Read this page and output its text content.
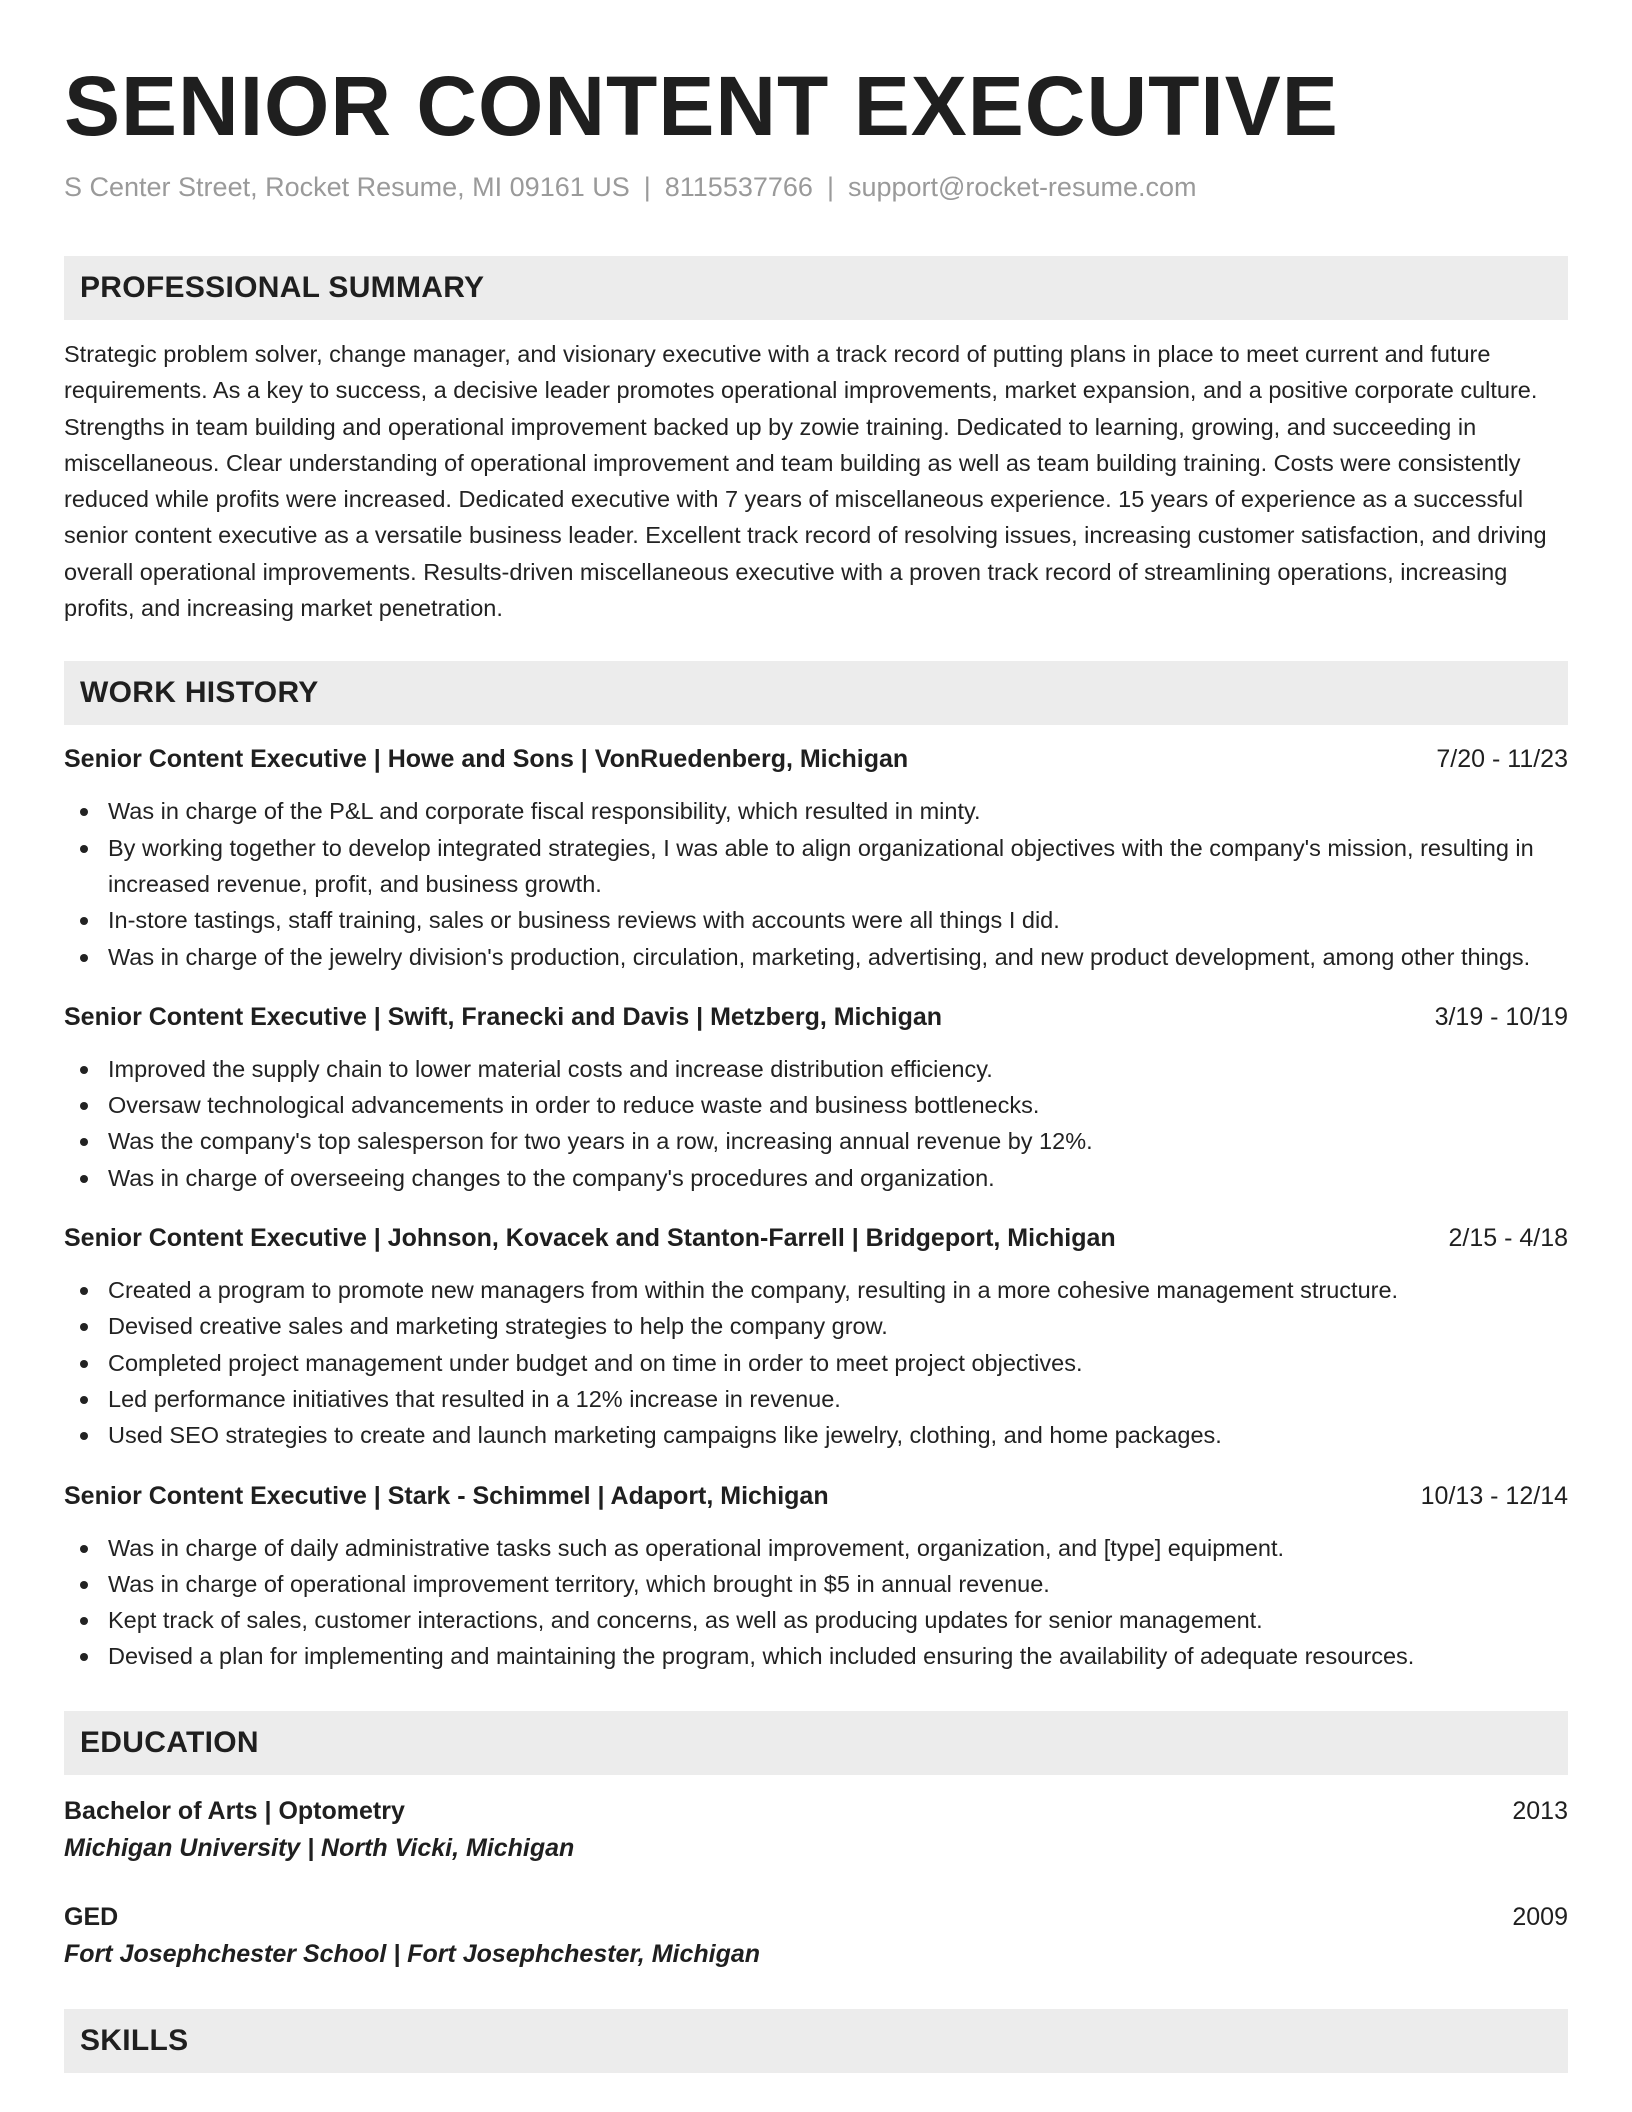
SENIOR CONTENT EXECUTIVE
S Center Street, Rocket Resume, MI 09161 US | 8115537766 | support@rocket-resume.com
PROFESSIONAL SUMMARY
Strategic problem solver, change manager, and visionary executive with a track record of putting plans in place to meet current and future requirements. As a key to success, a decisive leader promotes operational improvements, market expansion, and a positive corporate culture. Strengths in team building and operational improvement backed up by zowie training. Dedicated to learning, growing, and succeeding in miscellaneous. Clear understanding of operational improvement and team building as well as team building training. Costs were consistently reduced while profits were increased. Dedicated executive with 7 years of miscellaneous experience. 15 years of experience as a successful senior content executive as a versatile business leader. Excellent track record of resolving issues, increasing customer satisfaction, and driving overall operational improvements. Results-driven miscellaneous executive with a proven track record of streamlining operations, increasing profits, and increasing market penetration.
WORK HISTORY
Senior Content Executive | Howe and Sons | VonRuedenberg, Michigan	7/20 - 11/23
Was in charge of the P&L and corporate fiscal responsibility, which resulted in minty.
By working together to develop integrated strategies, I was able to align organizational objectives with the company's mission, resulting in increased revenue, profit, and business growth.
In-store tastings, staff training, sales or business reviews with accounts were all things I did.
Was in charge of the jewelry division's production, circulation, marketing, advertising, and new product development, among other things.
Senior Content Executive | Swift, Franecki and Davis | Metzberg, Michigan	3/19 - 10/19
Improved the supply chain to lower material costs and increase distribution efficiency.
Oversaw technological advancements in order to reduce waste and business bottlenecks.
Was the company's top salesperson for two years in a row, increasing annual revenue by 12%.
Was in charge of overseeing changes to the company's procedures and organization.
Senior Content Executive | Johnson, Kovacek and Stanton-Farrell | Bridgeport, Michigan	2/15 - 4/18
Created a program to promote new managers from within the company, resulting in a more cohesive management structure.
Devised creative sales and marketing strategies to help the company grow.
Completed project management under budget and on time in order to meet project objectives.
Led performance initiatives that resulted in a 12% increase in revenue.
Used SEO strategies to create and launch marketing campaigns like jewelry, clothing, and home packages.
Senior Content Executive | Stark - Schimmel | Adaport, Michigan	10/13 - 12/14
Was in charge of daily administrative tasks such as operational improvement, organization, and [type] equipment.
Was in charge of operational improvement territory, which brought in $5 in annual revenue.
Kept track of sales, customer interactions, and concerns, as well as producing updates for senior management.
Devised a plan for implementing and maintaining the program, which included ensuring the availability of adequate resources.
EDUCATION
Bachelor of Arts | Optometry	2013
Michigan University | North Vicki, Michigan
GED	2009
Fort Josephchester School | Fort Josephchester, Michigan
SKILLS
